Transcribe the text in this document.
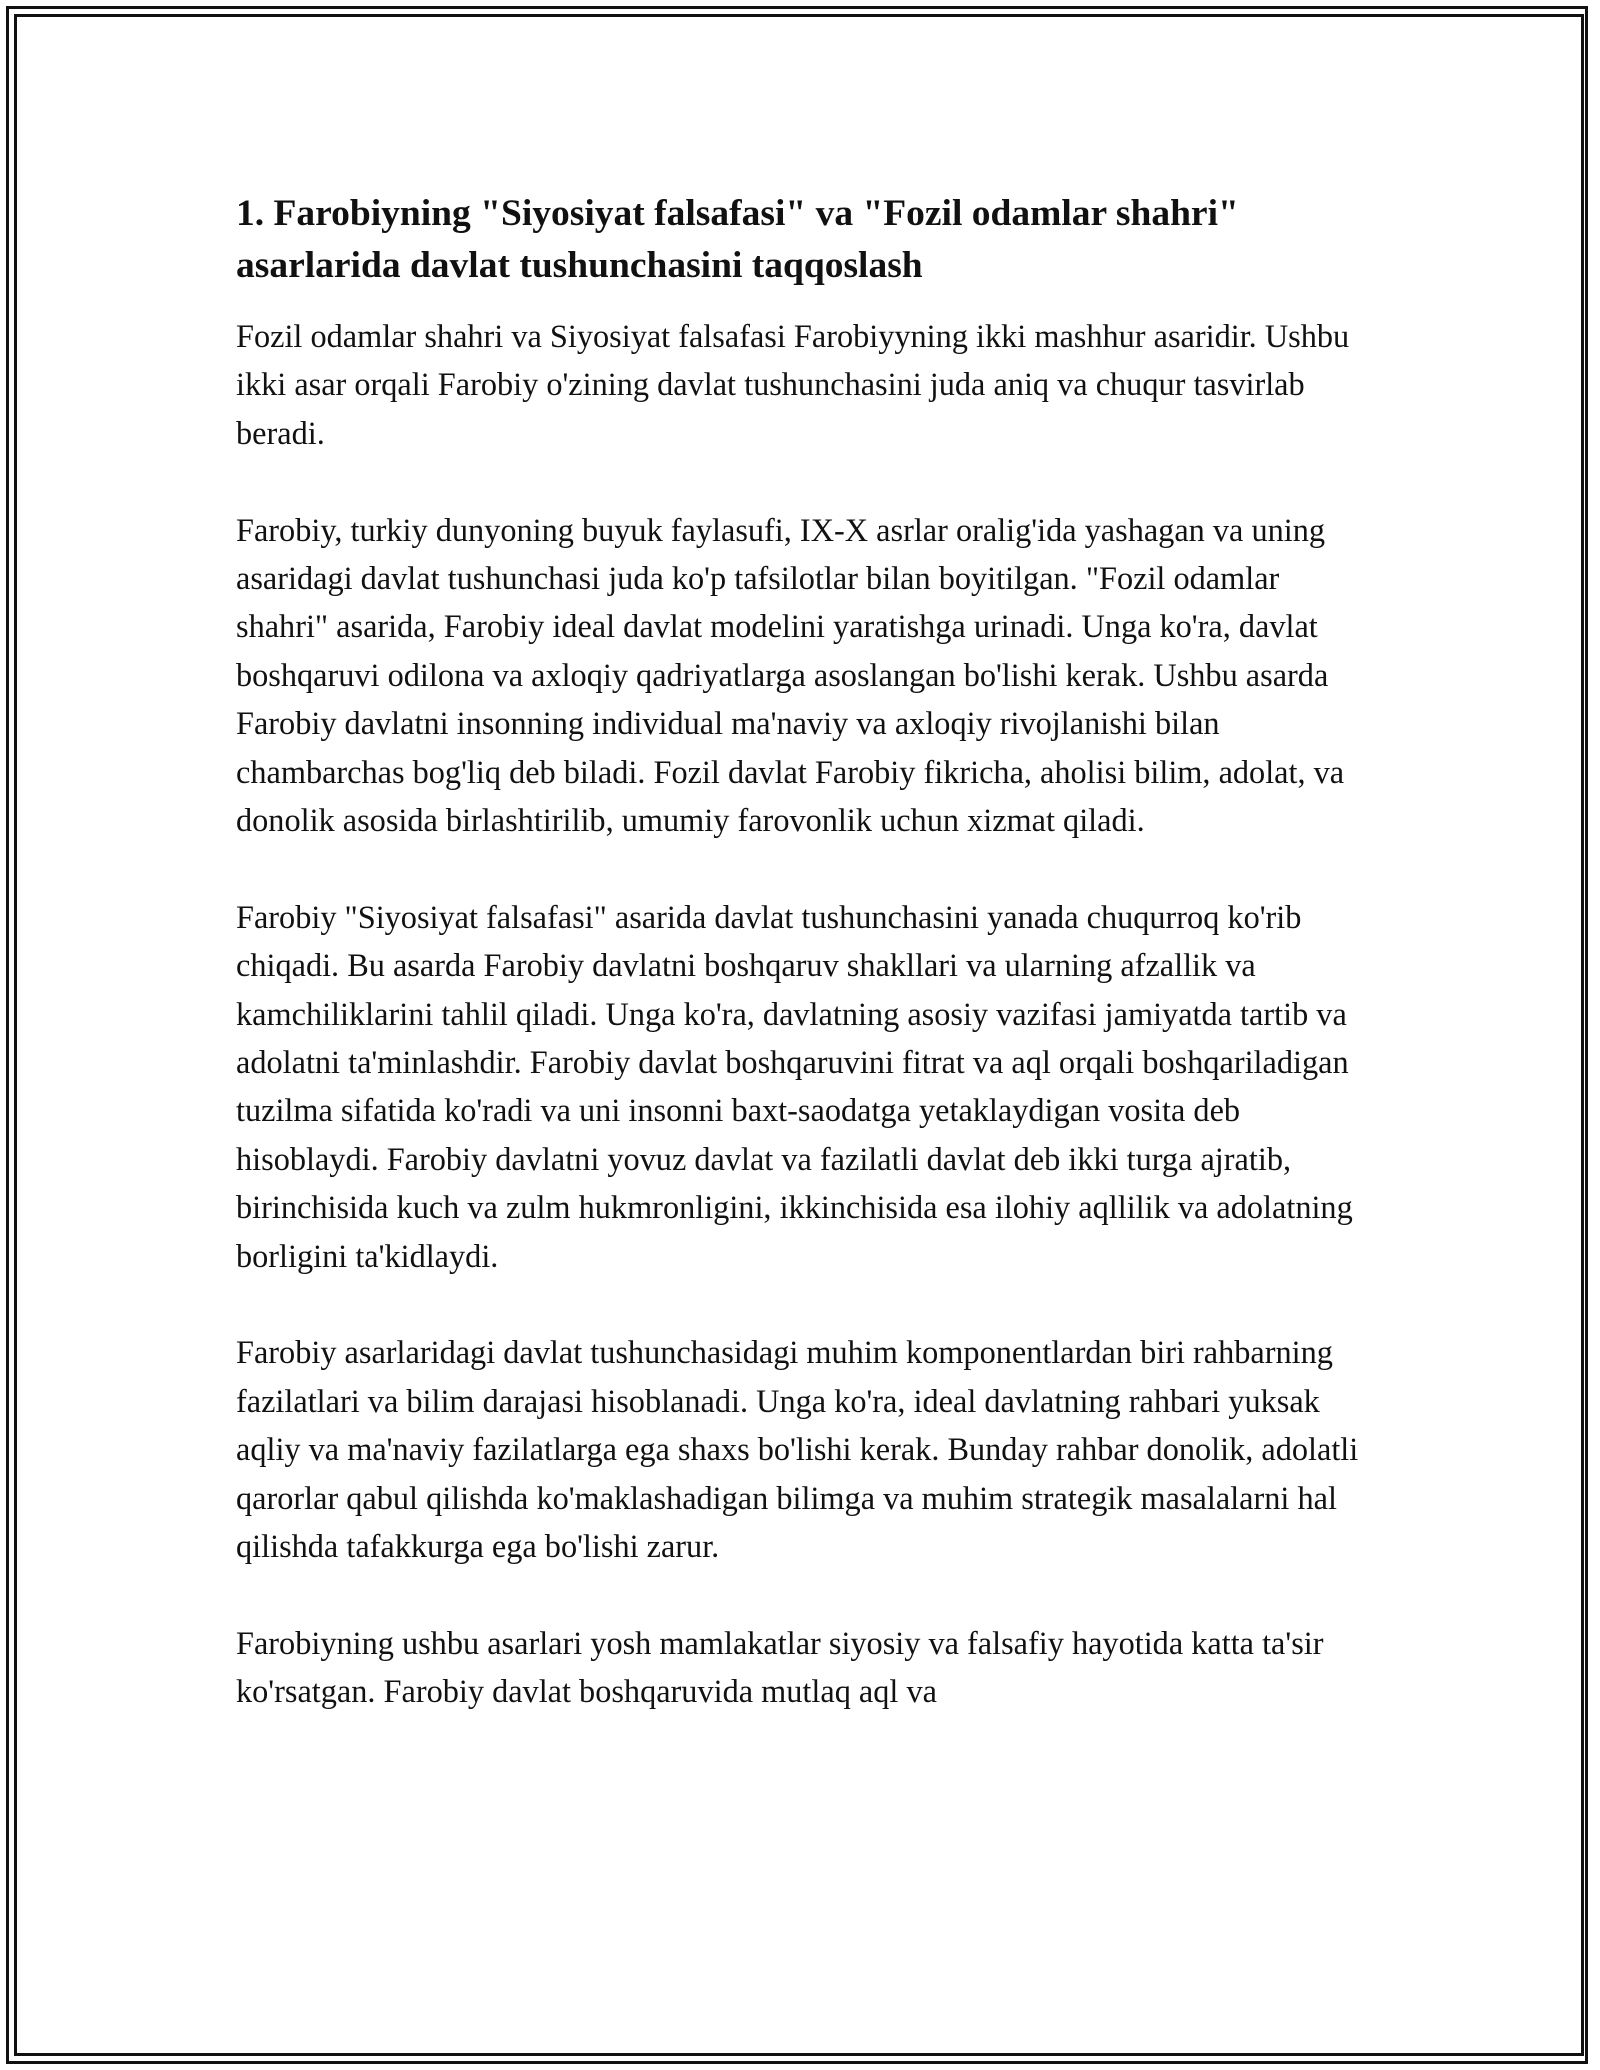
1. Farobiyning "Siyosiyat falsafasi" va "Fozil odamlar shahri" asarlarida davlat tushunchasini taqqoslash

Fozil odamlar shahri va Siyosiyat falsafasi Farobiyyning ikki mashhur asaridir. Ushbu ikki asar orqali Farobiy o'zining davlat tushunchasini juda aniq va chuqur tasvirlab beradi.

Farobiy, turkiy dunyoning buyuk faylasufi, IX-X asrlar oralig'ida yashagan va uning asaridagi davlat tushunchasi juda ko'p tafsilotlar bilan boyitilgan. "Fozil odamlar shahri" asarida, Farobiy ideal davlat modelini yaratishga urinadi. Unga ko'ra, davlat boshqaruvi odilona va axloqiy qadriyatlarga asoslangan bo'lishi kerak. Ushbu asarda Farobiy davlatni insonning individual ma'naviy va axloqiy rivojlanishi bilan chambarchas bog'liq deb biladi. Fozil davlat Farobiy fikricha, aholisi bilim, adolat, va donolik asosida birlashtirilib, umumiy farovonlik uchun xizmat qiladi.

Farobiy "Siyosiyat falsafasi" asarida davlat tushunchasini yanada chuqurroq ko'rib chiqadi. Bu asarda Farobiy davlatni boshqaruv shakllari va ularning afzallik va kamchiliklarini tahlil qiladi. Unga ko'ra, davlatning asosiy vazifasi jamiyatda tartib va adolatni ta'minlashdir. Farobiy davlat boshqaruvini fitrat va aql orqali boshqariladigan tuzilma sifatida ko'radi va uni insonni baxt-saodatga yetaklaydigan vosita deb hisoblaydi. Farobiy davlatni yovuz davlat va fazilatli davlat deb ikki turga ajratib, birinchisida kuch va zulm hukmronligini, ikkinchisida esa ilohiy aqllilik va adolatning borligini ta'kidlaydi.

Farobiy asarlaridagi davlat tushunchasidagi muhim komponentlardan biri rahbarning fazilatlari va bilim darajasi hisoblanadi. Unga ko'ra, ideal davlatning rahbari yuksak aqliy va ma'naviy fazilatlarga ega shaxs bo'lishi kerak. Bunday rahbar donolik, adolatli qarorlar qabul qilishda ko'maklashadigan bilimga va muhim strategik masalalarni hal qilishda tafakkurga ega bo'lishi zarur.

Farobiyning ushbu asarlari yosh mamlakatlar siyosiy va falsafiy hayotida katta ta'sir ko'rsatgan. Farobiy davlat boshqaruvida mutlaq aql va
